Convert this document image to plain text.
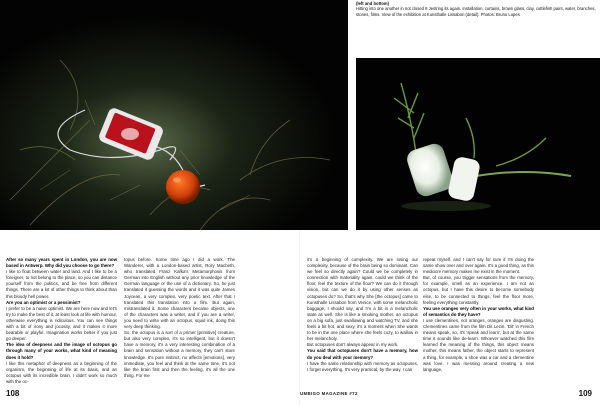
(left and bottom)
Hitting into one another in not closed 8 Jestring its again. Installation, curtains, brown glass, clay, cuttlefish paint, water, branches, stones, films. View of the exhibition at Kunsthalle Lissabon (detail). Photos: Bruno Lopes

After so many years spent in London, you are now based in Antwerp. Why did you choose to go there?

I like to float between water and land. And I like to be a foreigner, to not belong to the place, so you can distance yourself from the politics, and be free from different things. There are a lot of other things to think about than this bloody hell power.

Are you an optimist or a pessimist?

I prefer to be a naive optimist. We are here now and let's try to make the best of it, at least look at life with humour, otherwise everything is ridiculous. You can see things with a bit of irony and jocosity, and it makes it more bearable or playful. Imagination works better if you just go deeper.

The idea of deepness and the image of octopus go through many of your works, what kind of meaning does it hold?

I like this metaphor of deepness as a beginning of the organism, the beginning of life at its basis, and an octopus with its incredible brain. I didn't work so much with the oc-

topus before. Some time ago I did a work, The Wanderer, with a London-based artist, Rory Macbeth, who translated Franz Kafka's Metamorphosis from German into English without any prior knowledge of the German language or the use of a dictionary. So, he just translated it guessing the words and it was quite James Joycean, a very complex, very poetic text. After that I translated this translation into a film. But again, mistranslated it. Some characters became objects, one of the characters was a writer, and if you are a writer, you need to write with an octopus, squid ink, doing this very deep thinking.

So, the octopus is a sort of a primer [primitive] creature, but also very complex, it's so intelligent, but it doesn't have a memory, it's a very interesting combination of a brain and sensation without a memory, they can't store knowledge. It's pure instinct, no affects [emotions], very immediate, you feel and think at the same time, it's not like the brain first and then the feeling, it's all the one thing. For me

it's a beginning of complexity. We are losing our complexity, because of the brain being so dominant. Can we feel so directly again? Could we be completely in connection with materiality again, could we think of the floor, feel the texture of the floor? We can do it through vision, but can we do it by using other senses as octopuses do? So, that's why She [the octopus] came to Kunsthalle Lissabon from Venice, with some melancholic baggage, I should say, and I'm a bit in a melancholic state as well. She is like a smoking mother, an octopus on a big sofa, just swallowing and watching TV, and she feels a bit hot, and sexy, it's a moment when She wants to be in the one place where she feels cozy, to wallow in her melancholy.

But octopuses don't always appear in my work.

You said that octopuses don't have a memory, how do you deal with your memory?

I have the same relationship with memory as octopuses, I forget everything. It's very practical, by the way. I can

repeat myself, and I can't say for sure if I'm doing the same show over and over again. It's a good thing, as this mediocre memory makes me exist in the moment.

But, of course, you trigger sensations from the memory, for example, smell as an experience. I am not an octopus, but I have this desire to become somebody else, to be connected to things, feel the floor more, feeling everything constantly.

You use oranges very often in your works, what kind of semantics do they have?

I use clementines, not oranges, oranges are disgusting. Clementines came from the film Dit Lezin. 'Dit' in French means speak, so, it's 'speak and learn', but at the same time it sounds like de-learn. Whoever watched this film learned the meaning of the things, this object means mother, this means father, the object starts to represent a thing, for example, a shoe was a car and a clementine was love. I was messing around creating a new language,

108	UMBIGO MAGAZINE #72	109
